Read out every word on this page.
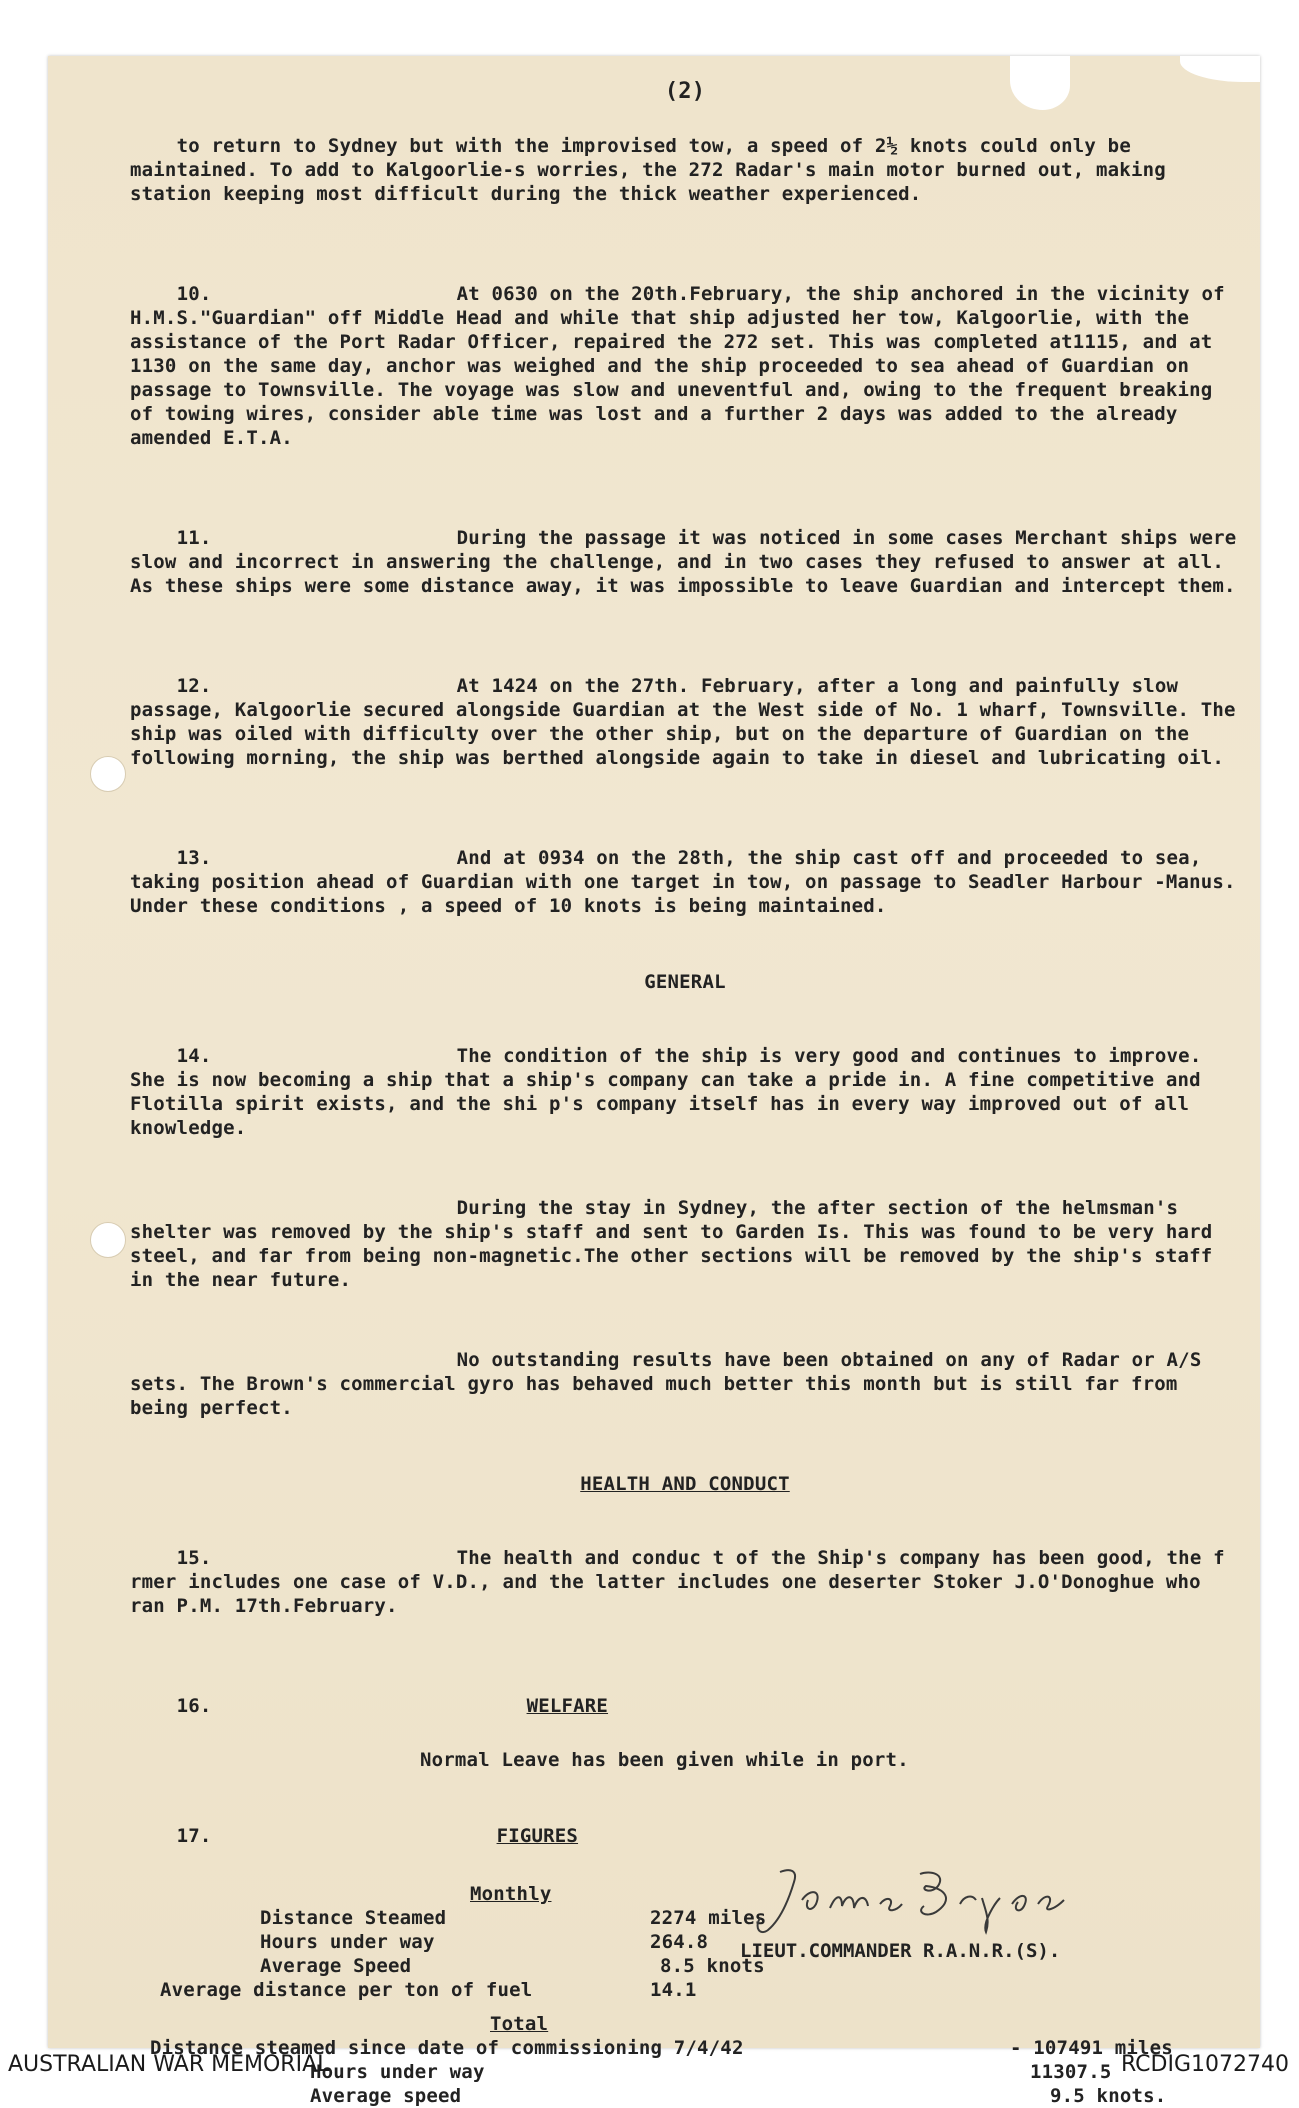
(2)

to return to Sydney but with the improvised tow, a speed of 2½ knots could only be maintained. To add to Kalgoorlie-s worries, the 272 Radar's main motor burned out, making station keeping most difficult during the thick weather experienced.

10.	At 0630 on the 20th.February, the ship anchored in the vicinity of H.M.S."Guardian" off Middle Head and while that ship adjusted her tow, Kalgoorlie, with the assistance of the Port Radar Officer, repaired the 272 set. This was completed at1115, and at 1130 on the same day, anchor was weighed and the ship proceeded to sea ahead of Guardian on passage to Townsville. The voyage was slow and uneventful and, owing to the frequent breaking of towing wires, consider able time was lost and a further 2 days was added to the already amended E.T.A.

11.	During the passage it was noticed in some cases Merchant ships were slow and incorrect in answering the challenge, and in two cases they refused to answer at all. As these ships were some distance away, it was impossible to leave Guardian and intercept them.

12.	At 1424 on the 27th. February, after a long and painfully slow passage, Kalgoorlie secured alongside Guardian at the West side of No. 1 wharf, Townsville. The ship was oiled with difficulty over the other ship, but on the departure of Guardian on the following morning, the ship was berthed alongside again to take in diesel and lubricating oil.

13.	And at 0934 on the 28th, the ship cast off and proceeded to sea, taking position ahead of Guardian with one target in tow, on passage to Seadler Harbour -Manus. Under these conditions , a speed of 10 knots is being maintained.

GENERAL

14.	The condition of the ship is very good and continues to improve. She is now becoming a ship that a ship's company can take a pride in. A fine competitive and Flotilla spirit exists, and the shi p's company itself has in every way improved out of all knowledge.

During the stay in Sydney, the after section of the helmsman's shelter was removed by the ship's staff and sent to Garden Is. This was found to be very hard steel, and far from being non-magnetic.The other sections will be removed by the ship's staff in the near future.

No outstanding results have been obtained on any of Radar or A/S sets. The Brown's commercial gyro has behaved much better this month but is still far from being perfect.

HEALTH AND CONDUCT

15.	The health and conduc t of the Ship's company has been good, the f rmer includes one case of V.D., and the latter includes one deserter Stoker J.O'Donoghue who ran P.M. 17th.February.

16.	WELFARE

Normal Leave has been given while in port.

17.	FIGURES

Monthly
Distance Steamed	2274 miles
Hours under way	264.8
Average Speed	8.5 knots
Average distance per ton of fuel	14.1
Total
Distance steamed since date of commissioning 7/4/42	- 107491 miles
Hours under way	11307.5
Average speed	9.5 knots.
LIEUT.COMMANDER R.A.N.R.(S).
AUSTRALIAN WAR MEMORIAL	RCDIG1072740
